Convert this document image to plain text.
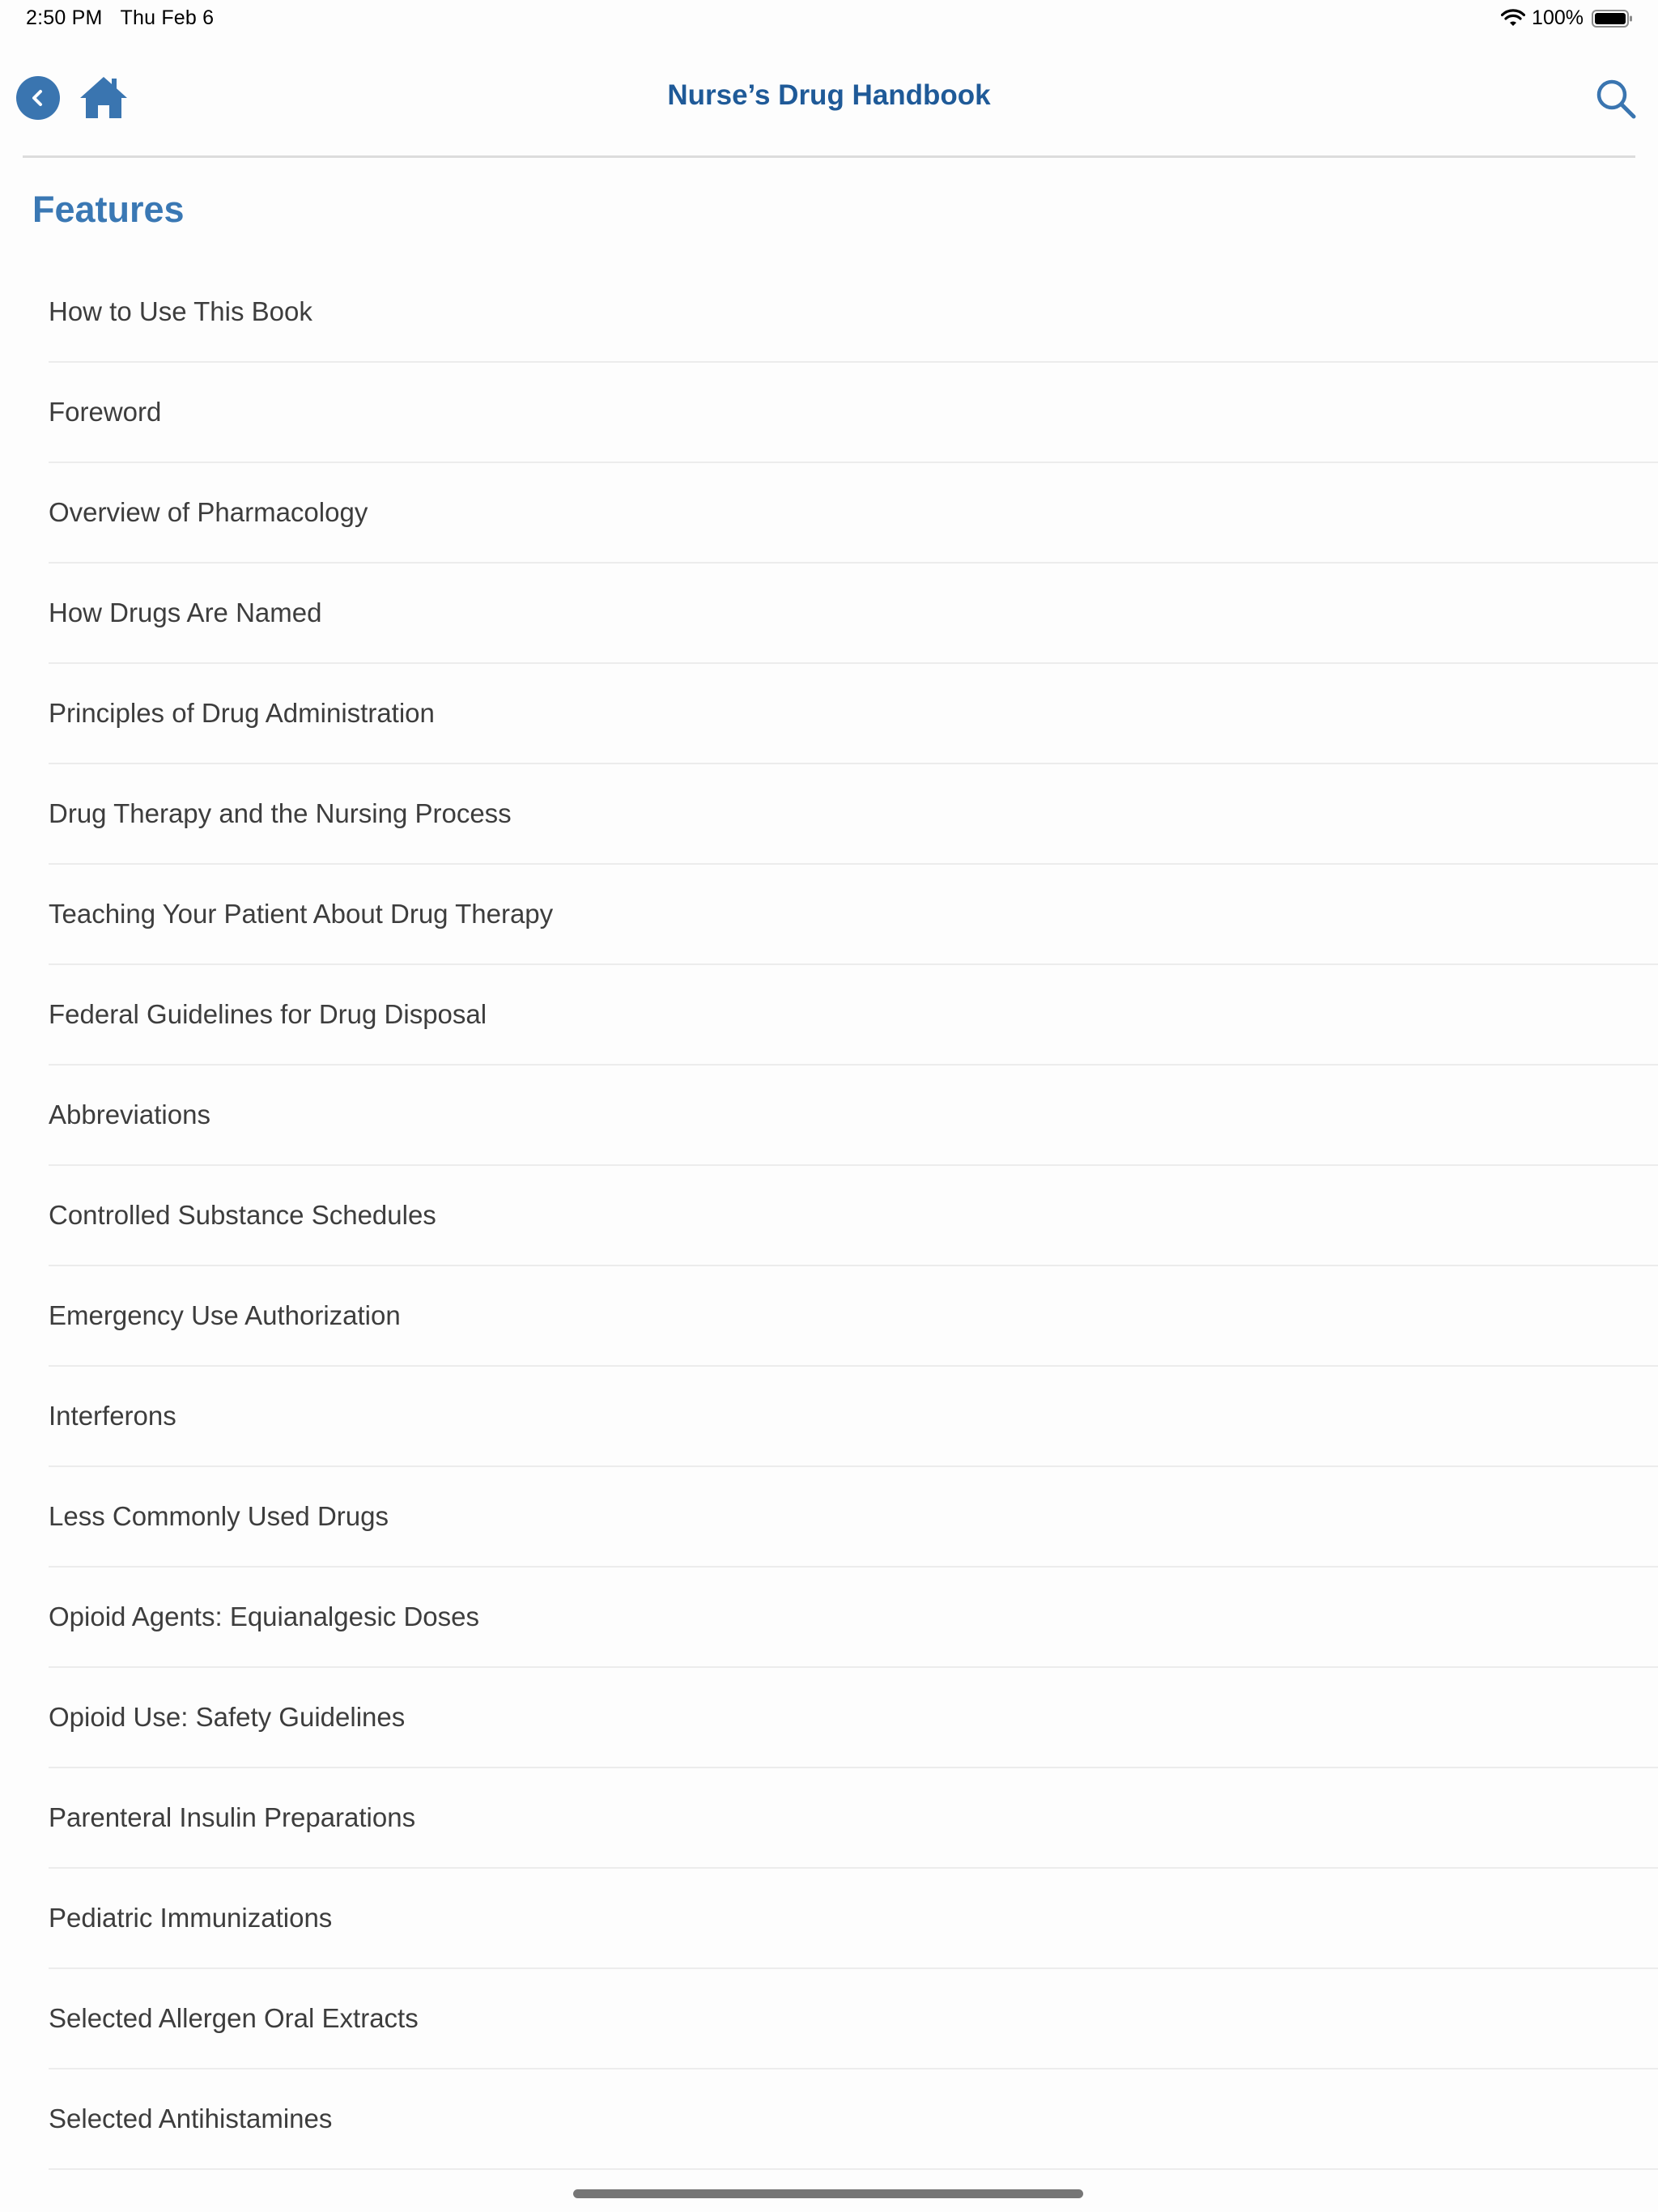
2:50 PM Thu Feb 6	100%
Nurse’s Drug Handbook
Features
How to Use This Book
Foreword
Overview of Pharmacology
How Drugs Are Named
Principles of Drug Administration
Drug Therapy and the Nursing Process
Teaching Your Patient About Drug Therapy
Federal Guidelines for Drug Disposal
Abbreviations
Controlled Substance Schedules
Emergency Use Authorization
Interferons
Less Commonly Used Drugs
Opioid Agents: Equianalgesic Doses
Opioid Use: Safety Guidelines
Parenteral Insulin Preparations
Pediatric Immunizations
Selected Allergen Oral Extracts
Selected Antihistamines
